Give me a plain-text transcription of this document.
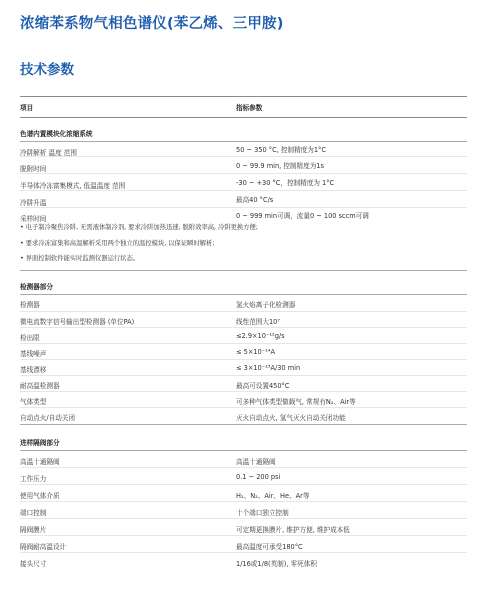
浓缩苯系物气相色谱仪(苯乙烯、三甲胺)
技术参数
项目	指标参数
色谱内置模块化浓缩系统
冷阱解析 温度 范围	50 ~ 350 °C, 控制精度为1°C
脱附时间	0 ~ 99.9 min, 控制精度为1s
半导体冷冻富集模式, 低温温度 范围	-30 ~ +30 °C，控制精度为 1°C
冷阱升温	最高40 °C/s
采样时间	0 ~ 999 min可调，流量0 ~ 100 sccm可调
• 电子制冷聚焦冷阱, 无需液体制冷剂, 要求冷阱加热迅速, 脱附效率高, 冷阱更换方便;
• 要求冷冻富集和高温解析采用两个独立的温控模块, 以保证瞬时解析;
• 界面控制软件能实时监测仪器运行状态。
检测器部分
检测器	氢火焰离子化检测器
微电流数字信号输出型检测器 (单位PA)	线性范围大10⁷
检出限	≤2.9×10⁻¹²g/s
基线噪声	≤ 5×10⁻¹⁴A
基线漂移	≤ 3×10⁻¹³A/30 min
耐高温检测器	最高可设置450°C
气体类型	可多种气体类型做载气, 常规有N₂、Air等
自动点火/自动关闭	灭火自动点火, 氢气灭火自动关闭功能
进样隔阀部分
高温十通隔阀	高温十通隔阀
工作压力	0.1 ~ 200 psi
使用气体介质	H₂、N₂、Air、He、Ar等
端口控制	十个端口独立控制
隔阀膜片	可定期更换膜片, 维护方便, 维护成本低
隔阀耐高温设计	最高温度可承受180°C
接头尺寸	1/16或1/8(英制), 零死体积
